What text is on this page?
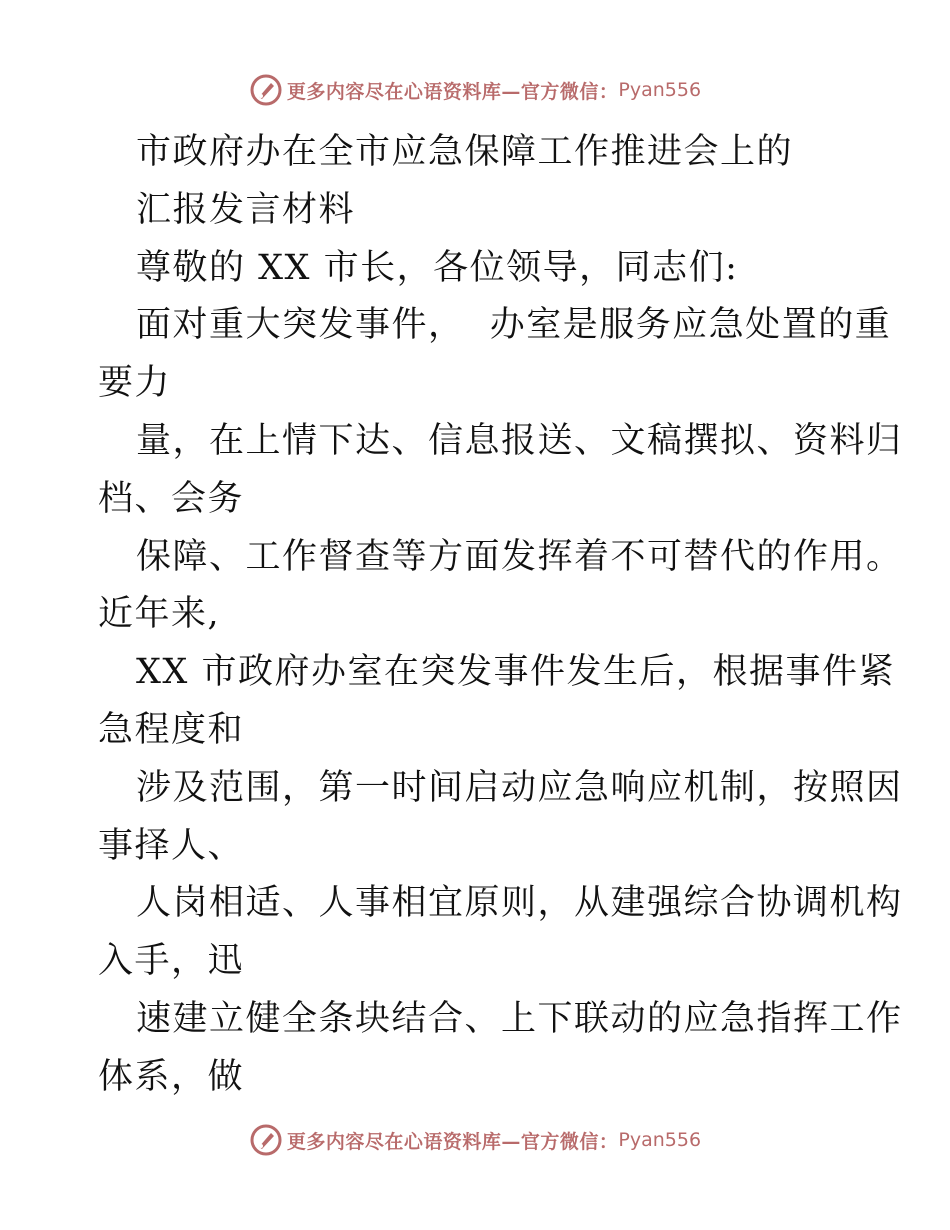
更多内容尽在心语资料库—官方微信： Pyan556
市政府办在全市应急保障工作推进会上的
汇报发言材料
尊敬的 XX 市长，各位领导，同志们:
面对重大突发事件，  办室是服务应急处置的重
要力
量，在上情下达、信息报送、文稿撰拟、资料归
档、会务
保障、工作督查等方面发挥着不可替代的作用。
近年来,
XX 市政府办室在突发事件发生后，根据事件紧
急程度和
涉及范围，第一时间启动应急响应机制，按照因
事择人、
人岗相适、人事相宜原则，从建强综合协调机构
入手，迅
速建立健全条块结合、上下联动的应急指挥工作
体系，做
更多内容尽在心语资料库—官方微信： Pyan556
